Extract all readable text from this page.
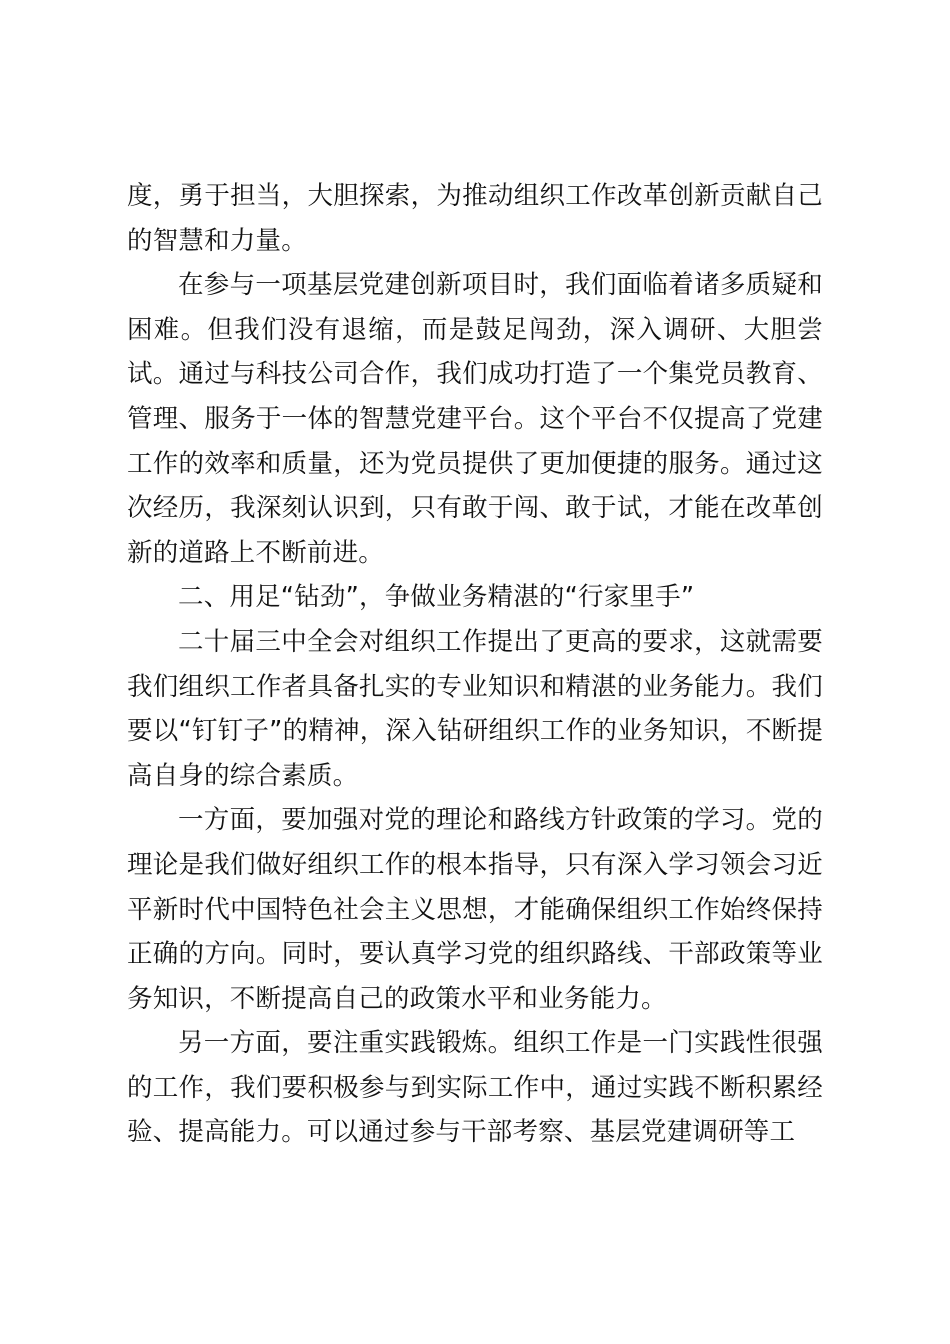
度，勇于担当，大胆探索，为推动组织工作改革创新贡献自己的智慧和力量。

在参与一项基层党建创新项目时，我们面临着诸多质疑和困难。但我们没有退缩，而是鼓足闯劲，深入调研、大胆尝试。通过与科技公司合作，我们成功打造了一个集党员教育、管理、服务于一体的智慧党建平台。这个平台不仅提高了党建工作的效率和质量，还为党员提供了更加便捷的服务。通过这次经历，我深刻认识到，只有敢于闯、敢于试，才能在改革创新的道路上不断前进。

二、用足“钻劲”，争做业务精湛的“行家里手”

二十届三中全会对组织工作提出了更高的要求，这就需要我们组织工作者具备扎实的专业知识和精湛的业务能力。我们要以“钉钉子”的精神，深入钻研组织工作的业务知识，不断提高自身的综合素质。

一方面，要加强对党的理论和路线方针政策的学习。党的理论是我们做好组织工作的根本指导，只有深入学习领会习近平新时代中国特色社会主义思想，才能确保组织工作始终保持正确的方向。同时，要认真学习党的组织路线、干部政策等业务知识，不断提高自己的政策水平和业务能力。

另一方面，要注重实践锻炼。组织工作是一门实践性很强的工作，我们要积极参与到实际工作中，通过实践不断积累经验、提高能力。可以通过参与干部考察、基层党建调研等工
